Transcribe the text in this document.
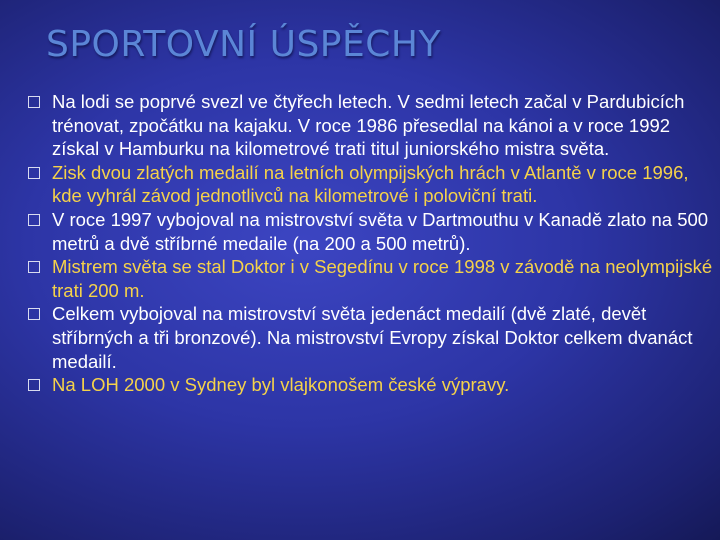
SPORTOVNÍ ÚSPĚCHY
Na lodi se poprvé svezl ve čtyřech letech. V sedmi letech začal v Pardubicích trénovat, zpočátku na kajaku. V roce 1986 přesedlal na kánoi a v roce 1992 získal v Hamburku na kilometrové trati titul juniorského mistra světa.
Zisk dvou zlatých medailí na letních olympijských hrách v Atlantě v roce 1996, kde vyhrál závod jednotlivců na kilometrové i poloviční trati.
V roce 1997 vybojoval na mistrovství světa v Dartmouthu v Kanadě zlato na 500 metrů a dvě stříbrné medaile (na 200 a 500 metrů).
Mistrem světa se stal Doktor i v Segedínu v roce 1998 v závodě na neolympijské trati 200 m.
Celkem vybojoval na mistrovství světa jedenáct medailí (dvě zlaté, devět stříbrných a tři bronzové). Na mistrovství Evropy získal Doktor celkem dvanáct medailí.
Na LOH 2000 v Sydney byl vlajkonošem české výpravy.
